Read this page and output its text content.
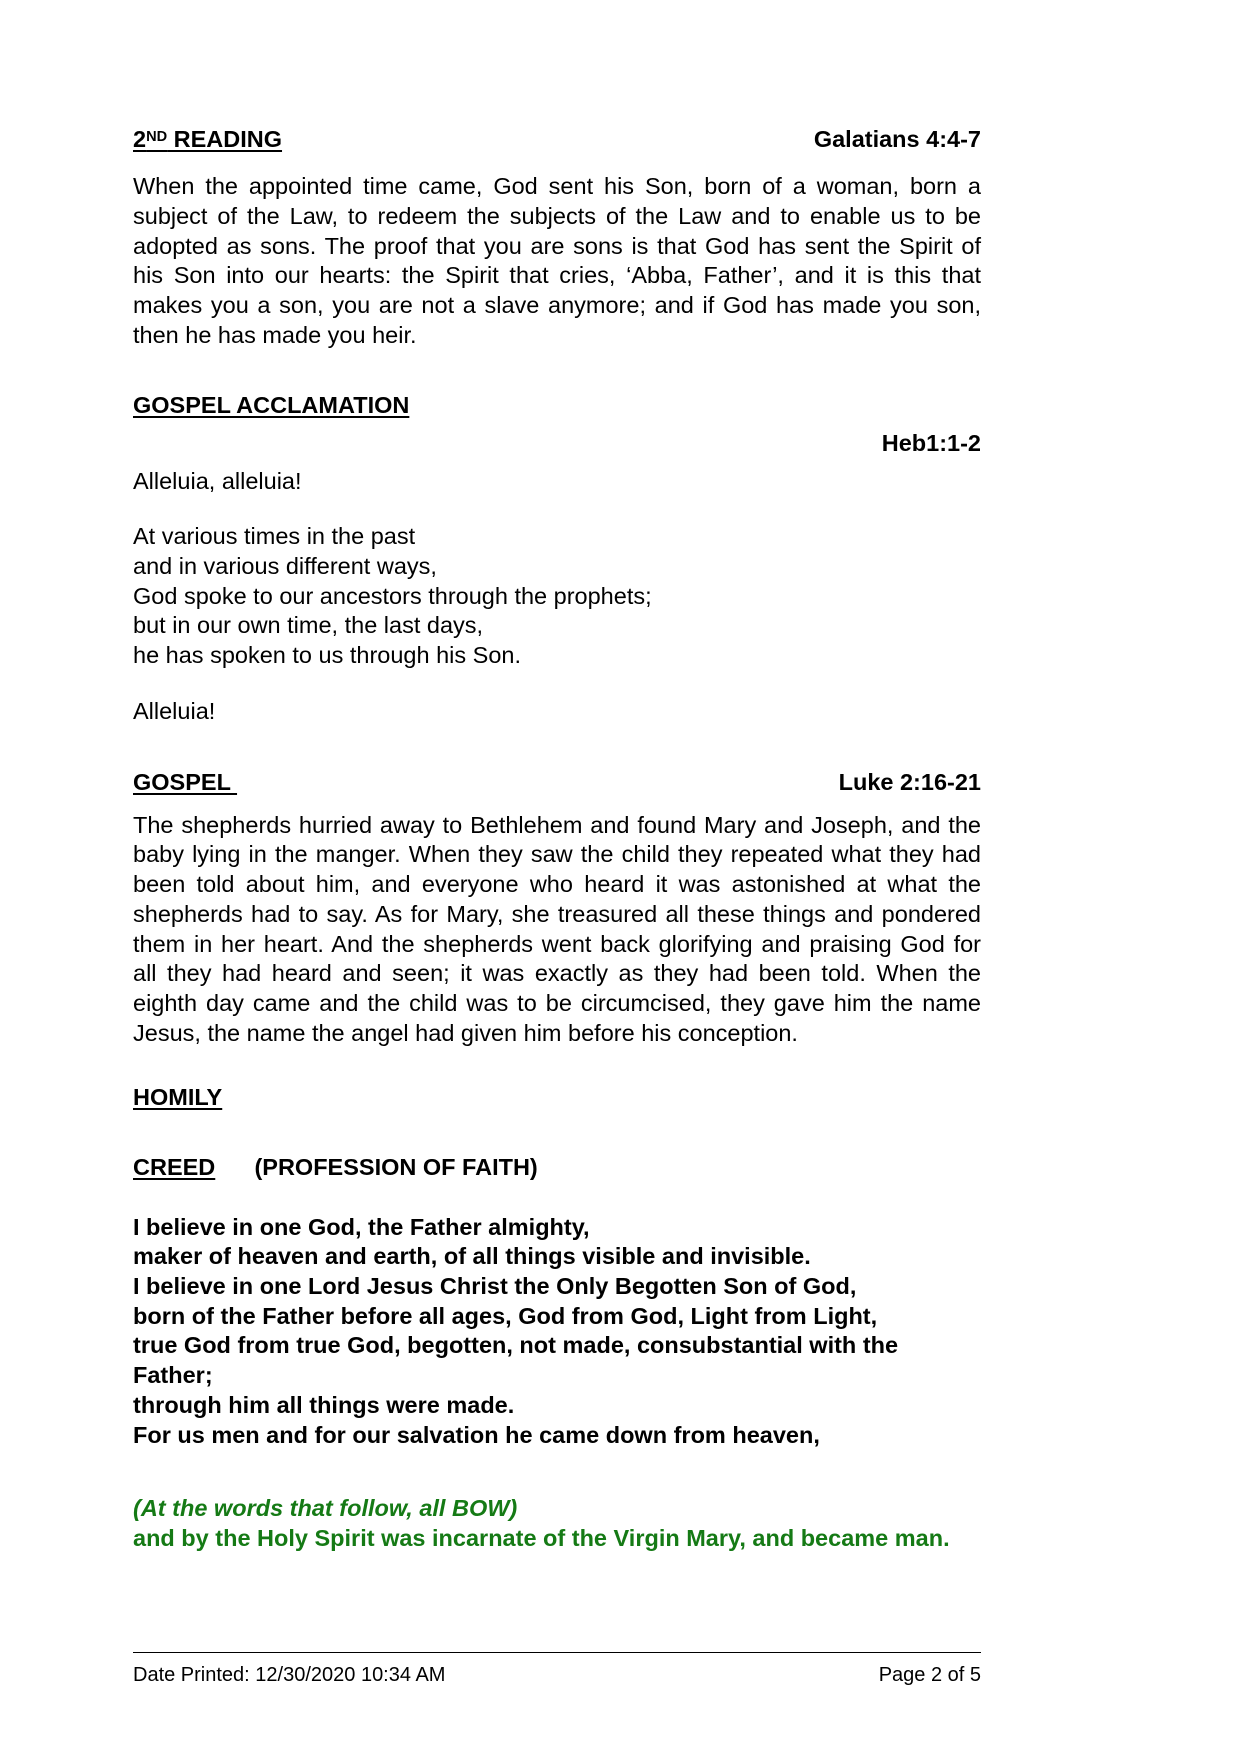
2ND READING	Galatians 4:4-7

When the appointed time came, God sent his Son, born of a woman, born a subject of the Law, to redeem the subjects of the Law and to enable us to be adopted as sons. The proof that you are sons is that God has sent the Spirit of his Son into our hearts: the Spirit that cries, ‘Abba, Father’, and it is this that makes you a son, you are not a slave anymore; and if God has made you son, then he has made you heir.

GOSPEL ACCLAMATION
Heb1:1-2

Alleluia, alleluia!

At various times in the past

and in various different ways,

God spoke to our ancestors through the prophets;

but in our own time, the last days,

he has spoken to us through his Son.

Alleluia!

GOSPEL	Luke 2:16-21

The shepherds hurried away to Bethlehem and found Mary and Joseph, and the baby lying in the manger. When they saw the child they repeated what they had been told about him, and everyone who heard it was astonished at what the shepherds had to say. As for Mary, she treasured all these things and pondered them in her heart. And the shepherds went back glorifying and praising God for all they had heard and seen; it was exactly as they had been told. When the eighth day came and the child was to be circumcised, they gave him the name Jesus, the name the angel had given him before his conception.

HOMILY
CREED (PROFESSION OF FAITH)

I believe in one God, the Father almighty,

maker of heaven and earth, of all things visible and invisible.

I believe in one Lord Jesus Christ the Only Begotten Son of God,

born of the Father before all ages, God from God, Light from Light,

true God from true God, begotten, not made, consubstantial with the Father;

through him all things were made.

For us men and for our salvation he came down from heaven,

(At the words that follow, all BOW)

and by the Holy Spirit was incarnate of the Virgin Mary, and became man.

Date Printed: 12/30/2020 10:34 AM	Page 2 of 5
